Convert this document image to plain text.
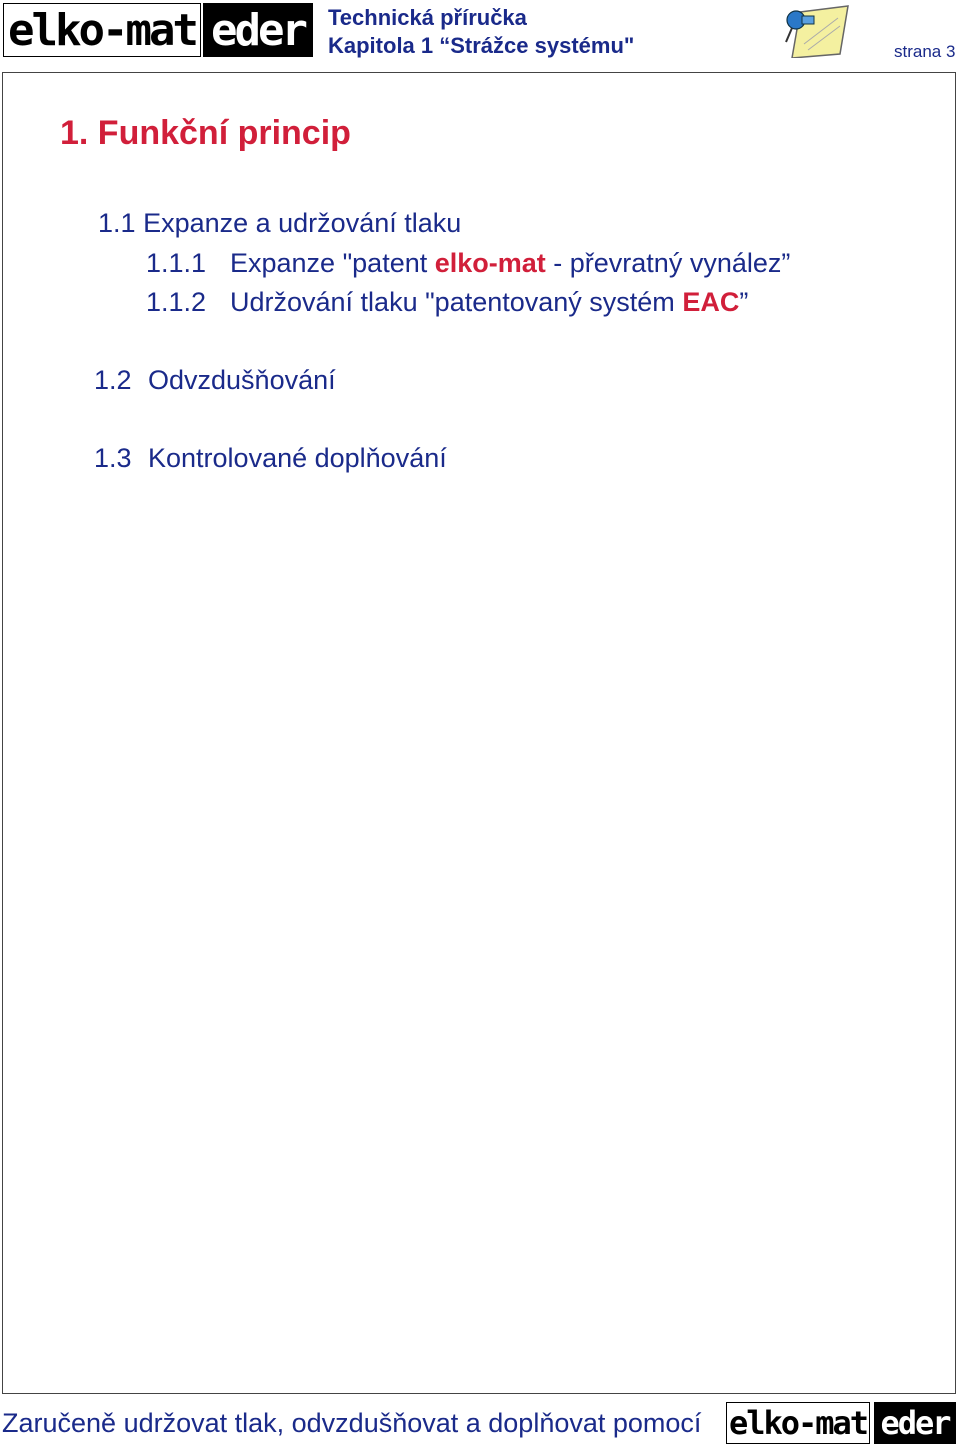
elko-mat eder	Technická příručka
Kapitola 1 “Strážce systému"	strana 3
1. Funkční princip
1.1 Expanze a udržování tlaku
1.1.1 Expanze "patent elko-mat - převratný vynález”
1.1.2 Udržování tlaku "patentovaný systém EAC”
1.2 Odvzdušňování
1.3 Kontrolované doplňování
Zaručeně udržovat tlak, odvzdušňovat a doplňovat pomocí elko-mat eder
